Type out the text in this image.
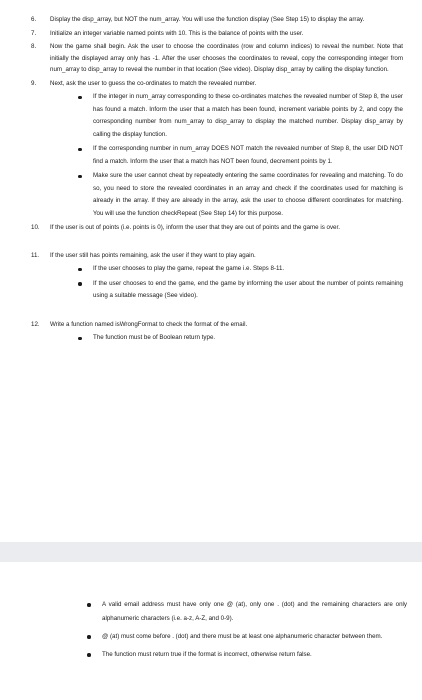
6.	Display the disp_array, but NOT the num_array. You will use the function display (See Step 15) to display the array.
7.	Initialize an integer variable named points with 10. This is the balance of points with the user.
8.	Now the game shall begin. Ask the user to choose the coordinates (row and column indices) to reveal the number. Note that initially the displayed array only has -1. After the user chooses the coordinates to reveal, copy the corresponding integer from num_array to disp_array to reveal the number in that location (See video). Display disp_array by calling the display function.
9.	Next, ask the user to guess the co-ordinates to match the revealed number.
If the integer in num_array corresponding to these co-ordinates matches the revealed number of Step 8, the user has found a match. Inform the user that a match has been found, increment variable points by 2, and copy the corresponding number from num_array to disp_array to display the matched number. Display disp_array by calling the display function.
If the corresponding number in num_array DOES NOT match the revealed number of Step 8, the user DID NOT find a match. Inform the user that a match has NOT been found, decrement points by 1.
Make sure the user cannot cheat by repeatedly entering the same coordinates for revealing and matching. To do so, you need to store the revealed coordinates in an array and check if the coordinates used for matching is already in the array. If they are already in the array, ask the user to choose different coordinates for matching. You will use the function checkRepeat (See Step 14) for this purpose.
10.	If the user is out of points (i.e. points is 0), inform the user that they are out of points and the game is over.
11.	If the user still has points remaining, ask the user if they want to play again.
If the user chooses to play the game, repeat the game i.e. Steps 8-11.
If the user chooses to end the game, end the game by informing the user about the number of points remaining using a suitable message (See video).
12.	Write a function named isWrongFormat to check the format of the email.
The function must be of Boolean return type.
A valid email address must have only one @ (at), only one . (dot) and the remaining characters are only alphanumeric characters (i.e. a-z, A-Z, and 0-9).
@ (at) must come before . (dot) and there must be at least one alphanumeric character between them.
The function must return true if the format is incorrect, otherwise return false.
